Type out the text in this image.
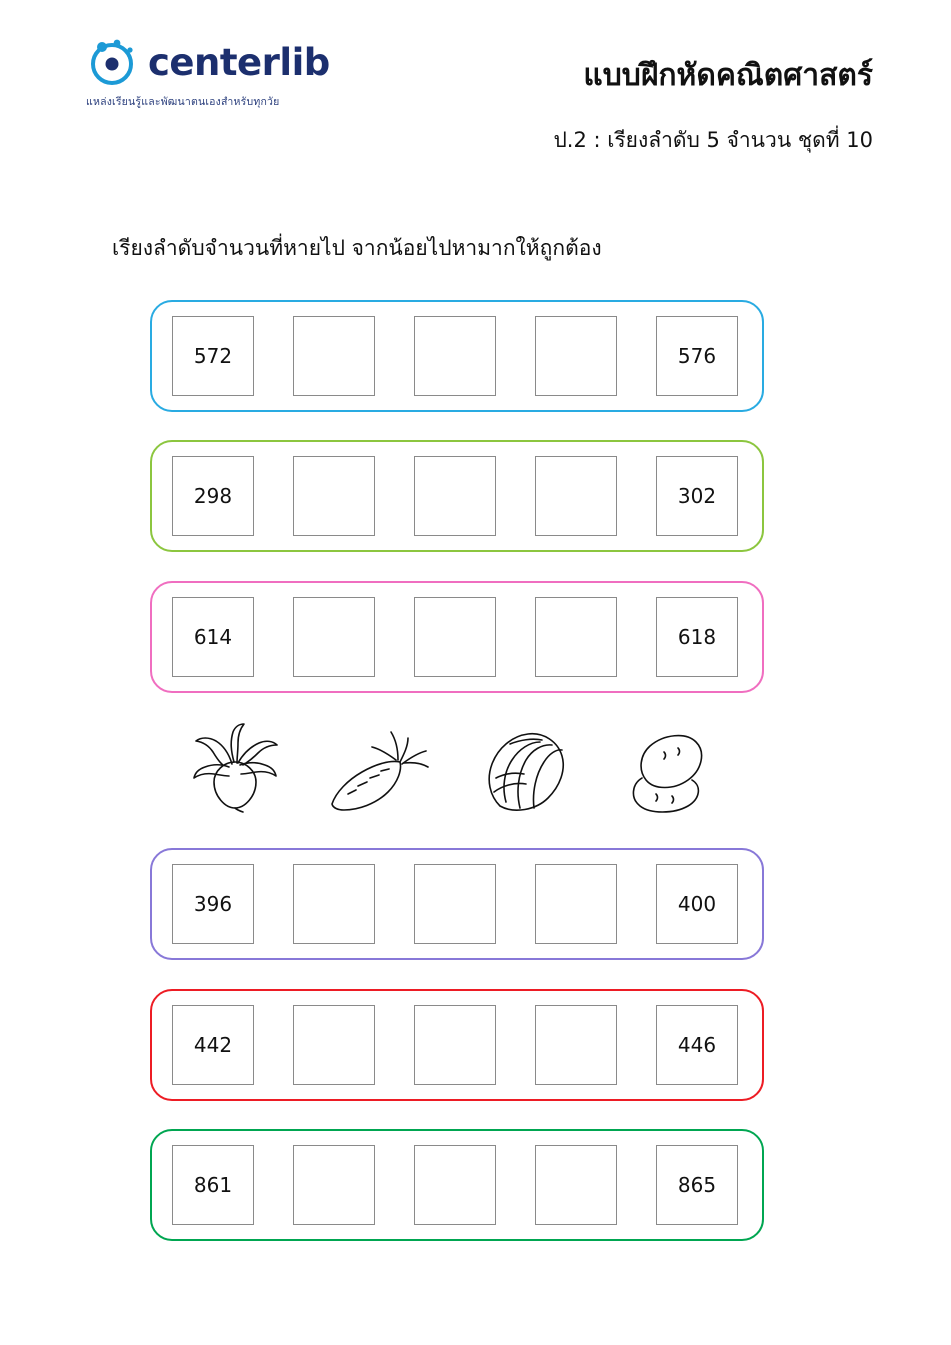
centerlib
แหล่งเรียนรู้และพัฒนาตนเองสำหรับทุกวัย
แบบฝึกหัดคณิตศาสตร์
ป.2 : เรียงลำดับ 5 จำนวน ชุดที่ 10
เรียงลำดับจำนวนที่หายไป จากน้อยไปหามากให้ถูกต้อง
572	576
298	302
614	618
396	400
442	446
861	865
